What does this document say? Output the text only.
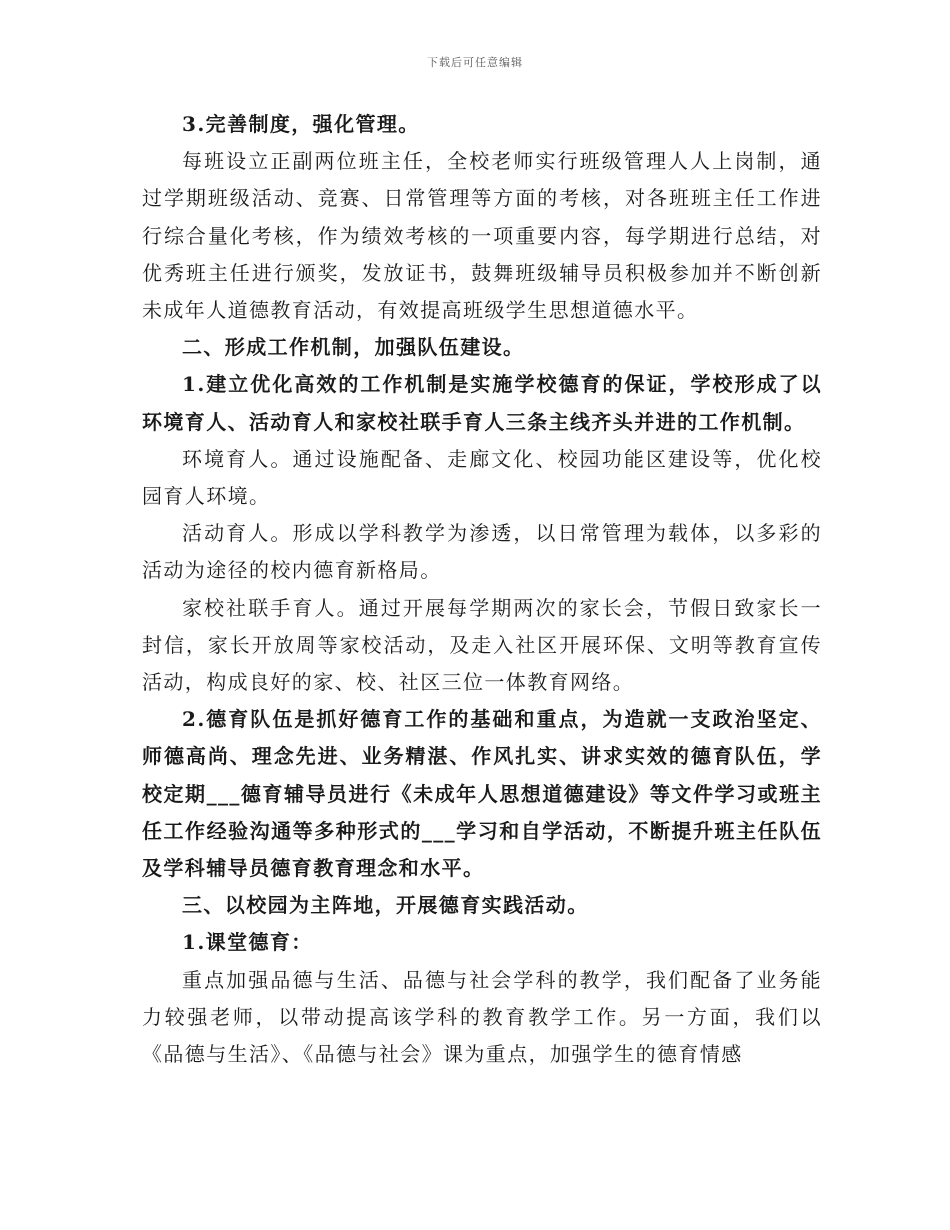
下载后可任意编辑

3.完善制度，强化管理。

每班设立正副两位班主任，全校老师实行班级管理人人上岗制，通过学期班级活动、竞赛、日常管理等方面的考核，对各班班主任工作进行综合量化考核，作为绩效考核的一项重要内容，每学期进行总结，对优秀班主任进行颁奖，发放证书，鼓舞班级辅导员积极参加并不断创新未成年人道德教育活动，有效提高班级学生思想道德水平。

二、形成工作机制，加强队伍建设。

1.建立优化高效的工作机制是实施学校德育的保证，学校形成了以环境育人、活动育人和家校社联手育人三条主线齐头并进的工作机制。

环境育人。通过设施配备、走廊文化、校园功能区建设等，优化校园育人环境。

活动育人。形成以学科教学为渗透，以日常管理为载体，以多彩的活动为途径的校内德育新格局。

家校社联手育人。通过开展每学期两次的家长会，节假日致家长一封信，家长开放周等家校活动，及走入社区开展环保、文明等教育宣传活动，构成良好的家、校、社区三位一体教育网络。

2.德育队伍是抓好德育工作的基础和重点，为造就一支政治坚定、师德高尚、理念先进、业务精湛、作风扎实、讲求实效的德育队伍，学校定期___德育辅导员进行《未成年人思想道德建设》等文件学习或班主任工作经验沟通等多种形式的___学习和自学活动，不断提升班主任队伍及学科辅导员德育教育理念和水平。

三、以校园为主阵地，开展德育实践活动。

1.课堂德育：

重点加强品德与生活、品德与社会学科的教学，我们配备了业务能力较强老师，以带动提高该学科的教育教学工作。另一方面，我们以《品德与生活》、《品德与社会》课为重点，加强学生的德育情感
